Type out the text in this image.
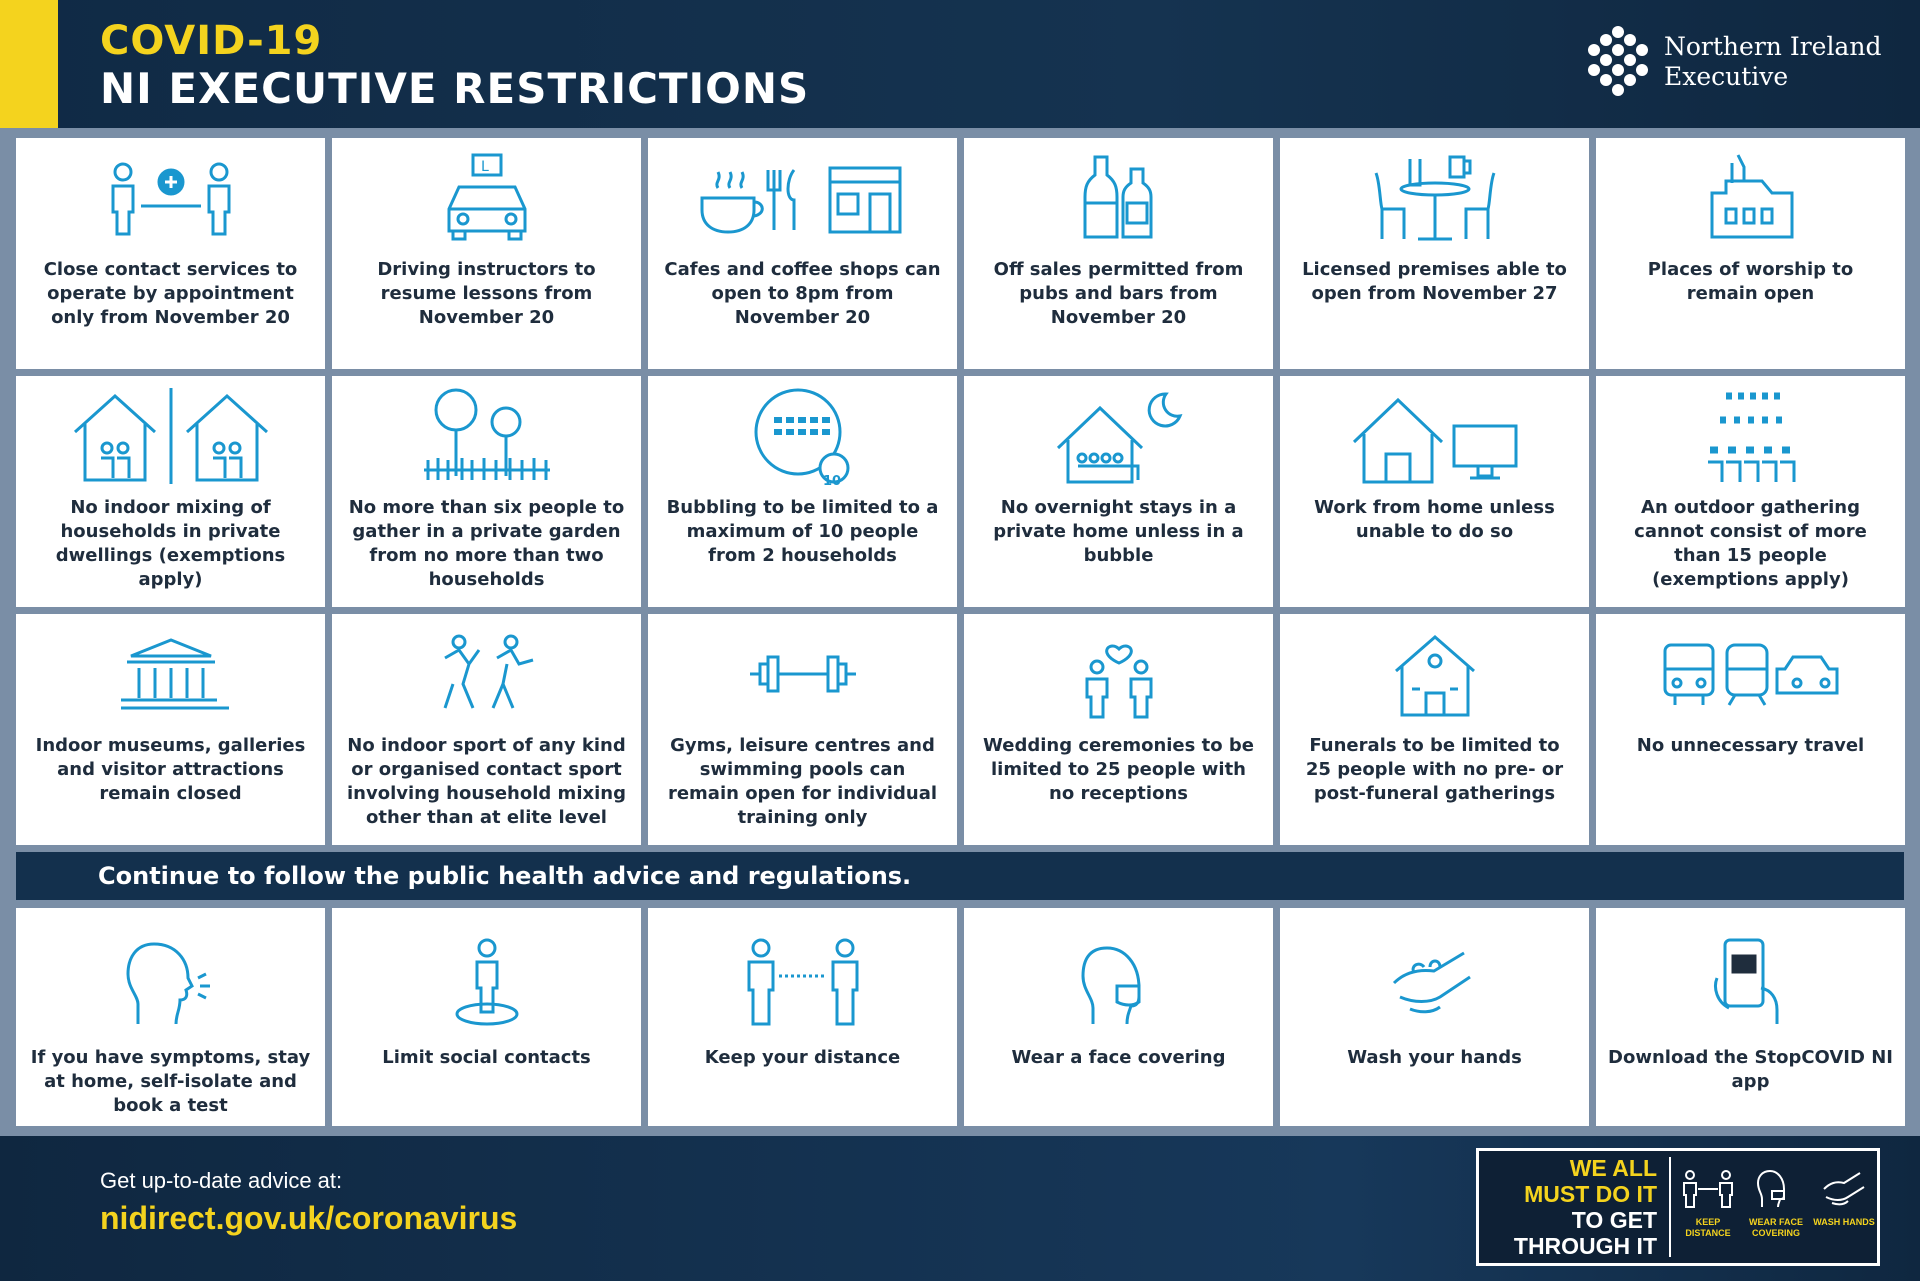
COVID-19
NI EXECUTIVE RESTRICTIONS
Northern Ireland
Executive
Close contact services to operate by appointment only from November 20
L
Driving instructors to resume lessons from November 20
Cafes and coffee shops can open to 8pm from November 20
Off sales permitted from pubs and bars from November 20
Licensed premises able to open from November 27
Places of worship to remain open
No indoor mixing of households in private dwellings (exemptions apply)
No more than six people to gather in a private garden from no more than two households
Bubbling to be limited to a maximum of 10 people from 2 households
No overnight stays in a private home unless in a bubble
Work from home unless unable to do so
An outdoor gathering cannot consist of more than 15 people (exemptions apply)
Indoor museums, galleries and visitor attractions remain closed
No indoor sport of any kind or organised contact sport involving household mixing other than at elite level
Gyms, leisure centres and swimming pools can remain open for individual training only
Wedding ceremonies to be limited to 25 people with no receptions
Funerals to be limited to 25 people with no pre- or post-funeral gatherings
No unnecessary travel
Continue to follow the public health advice and regulations.
If you have symptoms, stay at home, self-isolate and book a test
Limit social contacts	Keep your distance	Wear a face covering	Wash your hands	Download the StopCOVID NI app
Get up-to-date advice at:
nidirect.gov.uk/coronavirus
WE ALL
MUST DO IT
TO GET
THROUGH IT
KEEP DISTANCE
WEAR FACE COVERING
WASH HANDS
10
